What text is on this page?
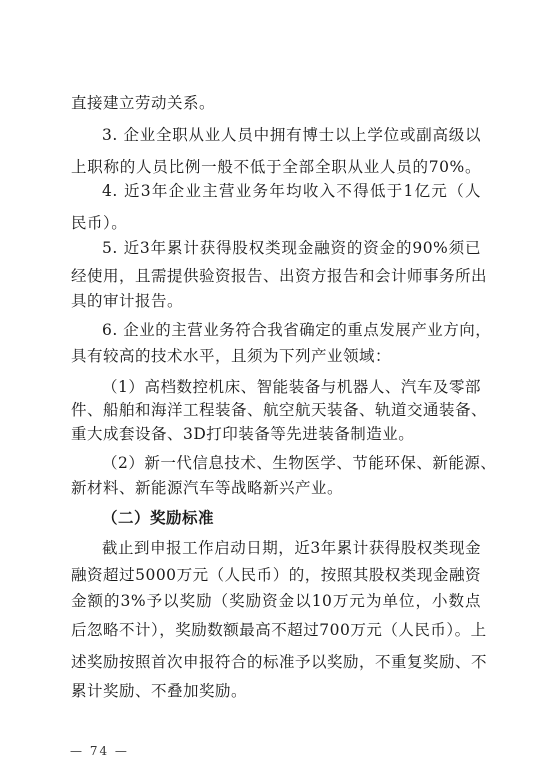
直接建立劳动关系。
3. 企业全职从业人员中拥有博士以上学位或副高级以
上职称的人员比例一般不低于全部全职从业人员的70%。
4. 近3年企业主营业务年均收入不得低于1亿元（人
民币）。
5. 近3年累计获得股权类现金融资的资金的90%须已
经使用，且需提供验资报告、出资方报告和会计师事务所出
具的审计报告。
6. 企业的主营业务符合我省确定的重点发展产业方向，
具有较高的技术水平，且须为下列产业领域：
（1）高档数控机床、智能装备与机器人、汽车及零部
件、船舶和海洋工程装备、航空航天装备、轨道交通装备、
重大成套设备、3D打印装备等先进装备制造业。
（2）新一代信息技术、生物医学、节能环保、新能源、
新材料、新能源汽车等战略新兴产业。
（二）奖励标准
截止到申报工作启动日期，近3年累计获得股权类现金
融资超过5000万元（人民币）的，按照其股权类现金融资
金额的3%予以奖励（奖励资金以10万元为单位，小数点
后忽略不计），奖励数额最高不超过700万元（人民币）。上
述奖励按照首次申报符合的标准予以奖励，不重复奖励、不
累计奖励、不叠加奖励。
— 74 —
